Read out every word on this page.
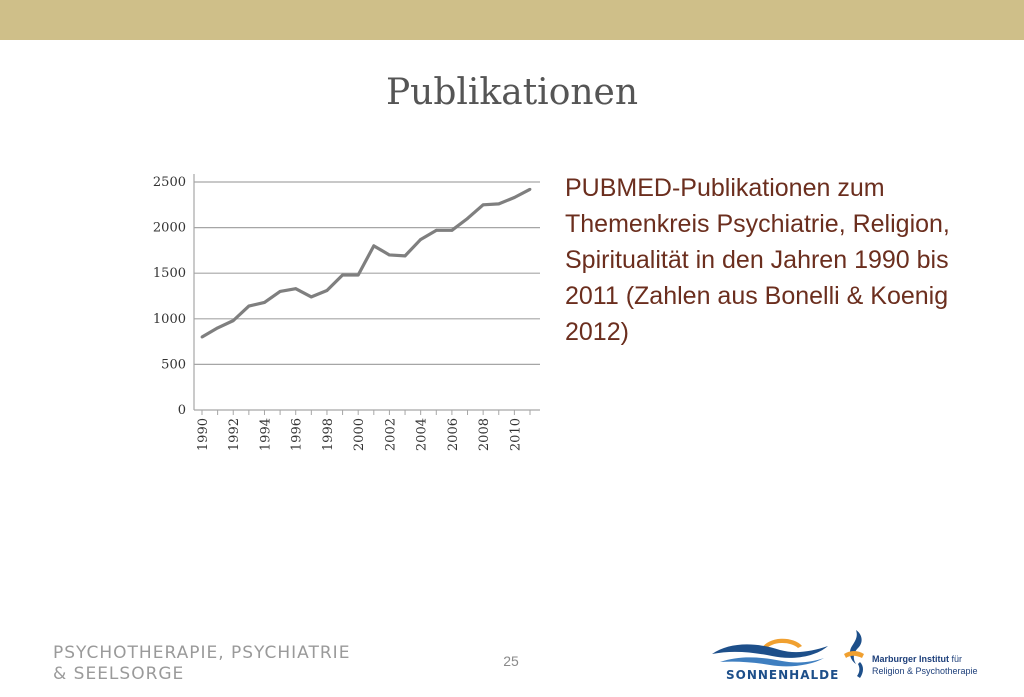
Publikationen
0
500
1000
1500
2000
2500
1990 1992 1994 1996 1998 2000 2002 2004 2006 2008 2010
PUBMED-Publikationen zum Themenkreis Psychiatrie, Religion, Spiritualität in den Jahren 1990 bis 2011 (Zahlen aus Bonelli & Koenig 2012)
PSYCHOTHERAPIE, PSYCHIATRIE
& SEELSORGE
25
SONNENHALDE
Marburger Institut für
Religion & Psychotherapie
